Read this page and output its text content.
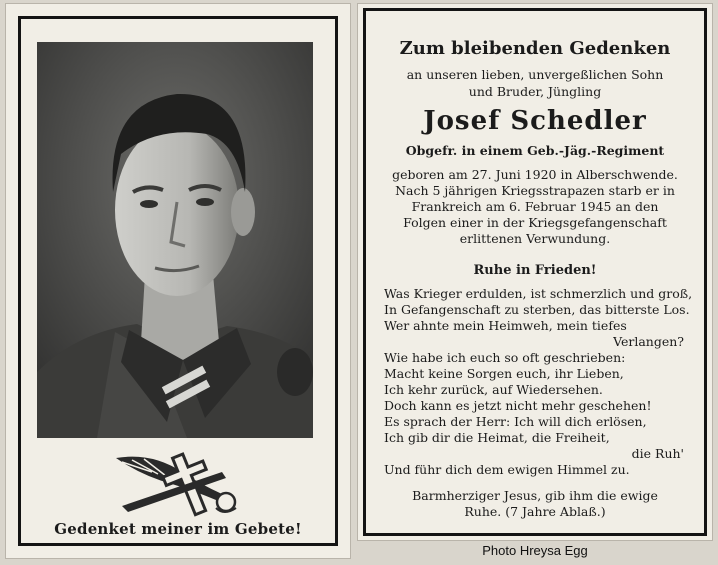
Gedenket meiner im Gebete!
Zum bleibenden Gedenken
an unseren lieben, unvergeßlichen Sohn
und Bruder, Jüngling
Josef Schedler
Obgefr. in einem Geb.-Jäg.-Regiment
geboren am 27. Juni 1920 in Alberschwende.
Nach 5 jährigen Kriegsstrapazen starb er in
Frankreich am 6. Februar 1945 an den
Folgen einer in der Kriegsgefangenschaft
erlittenen Verwundung.
Ruhe in Frieden!
Was Krieger erdulden, ist schmerzlich und groß,
In Gefangenschaft zu sterben, das bitterste Los.
Wer ahnte mein Heimweh, mein tiefes
Verlangen?
Wie habe ich euch so oft geschrieben:
Macht keine Sorgen euch, ihr Lieben,
Ich kehr zurück, auf Wiedersehen.
Doch kann es jetzt nicht mehr geschehen!
Es sprach der Herr: Ich will dich erlösen,
Ich gib dir die Heimat, die Freiheit,
die Ruh'
Und führ dich dem ewigen Himmel zu.
Barmherziger Jesus, gib ihm die ewige
Ruhe. (7 Jahre Ablaß.)
Photo Hreysa Egg
